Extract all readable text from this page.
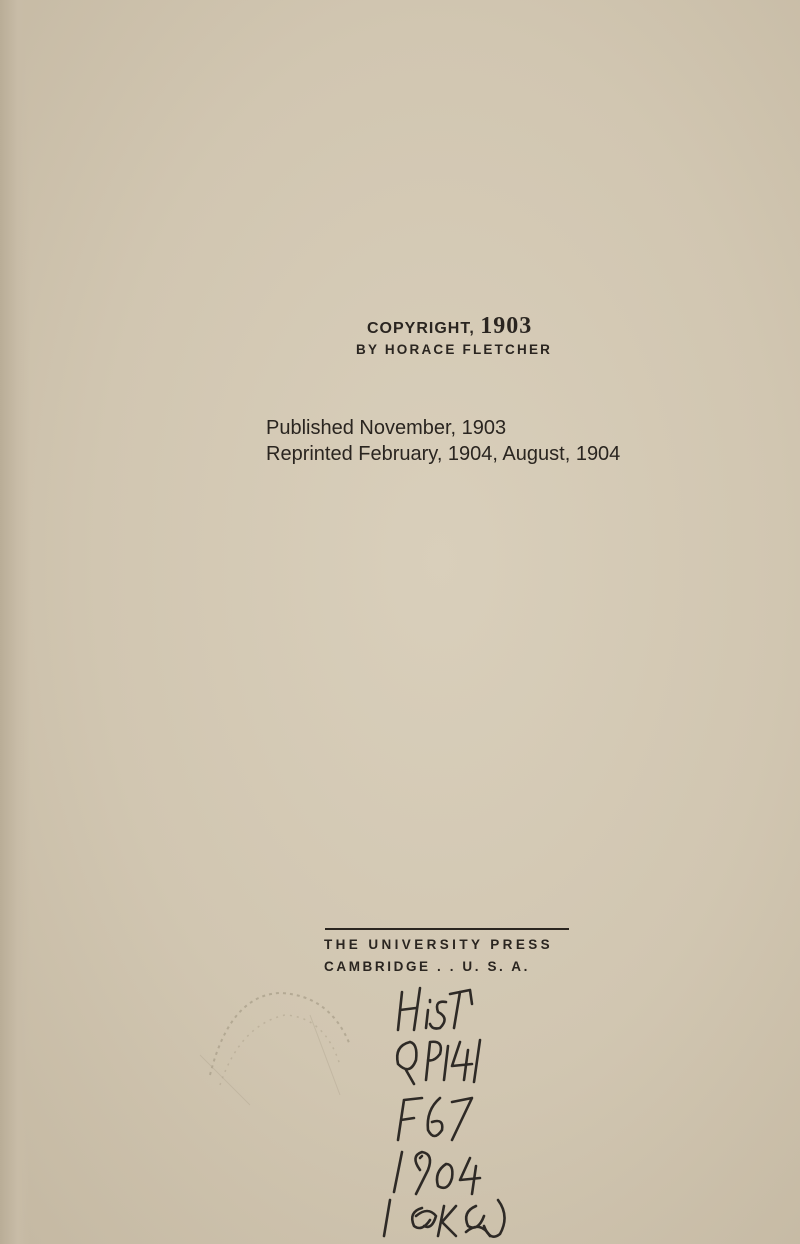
COPYRIGHT, 1903
BY HORACE FLETCHER
Published November, 1903
Reprinted February, 1904, August, 1904
THE UNIVERSITY PRESS
CAMBRIDGE . . U. S. A.
